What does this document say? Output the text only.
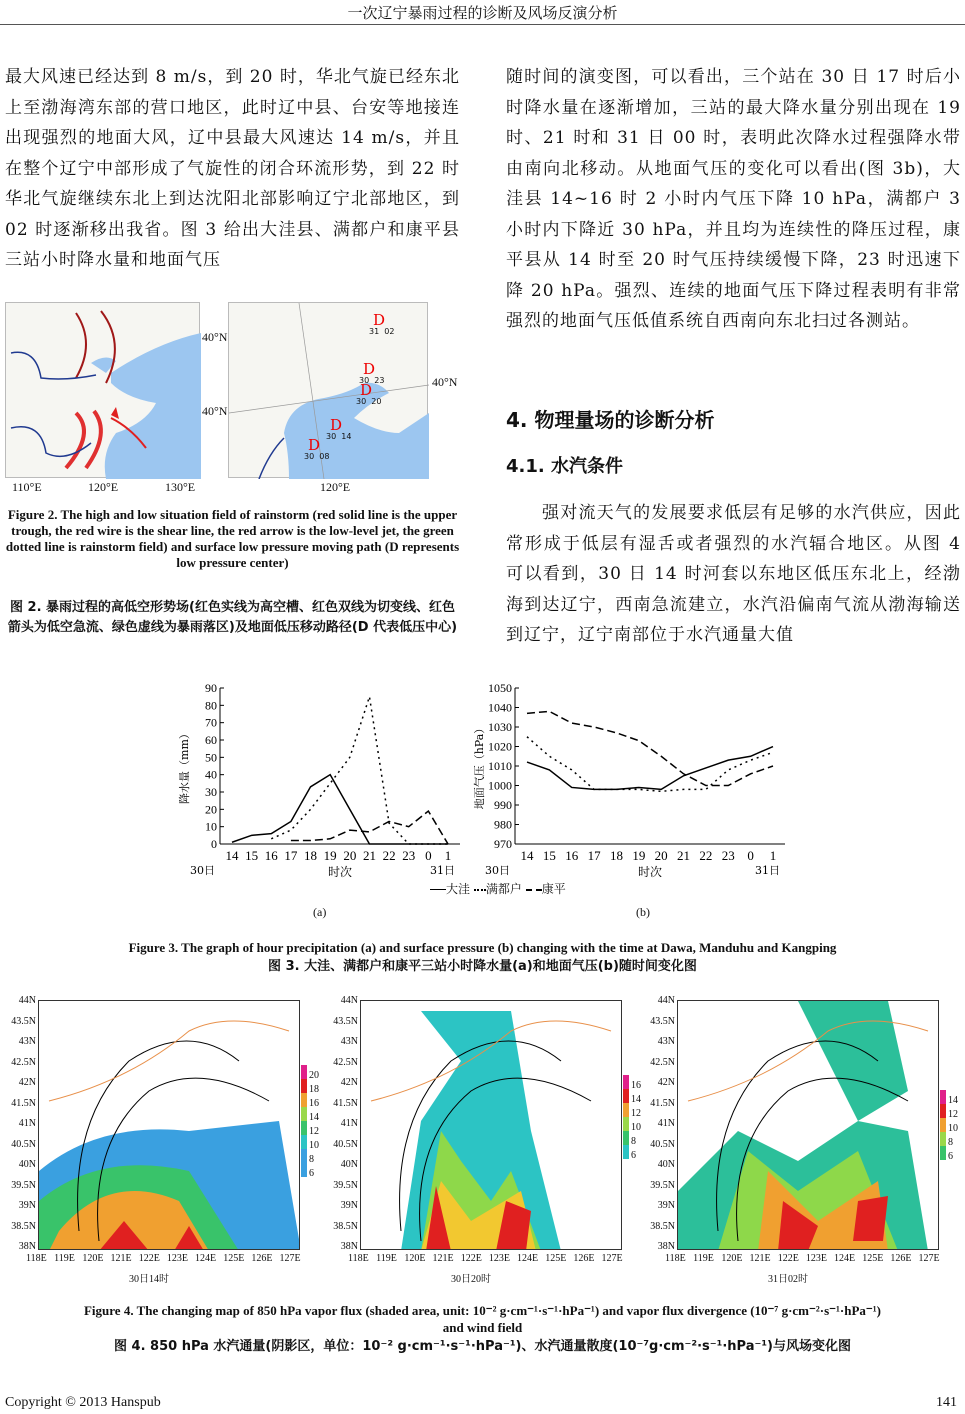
一次辽宁暴雨过程的诊断及风场反演分析
最大风速已经达到 8 m/s，到 20 时，华北气旋已经东北上至渤海湾东部的营口地区，此时辽中县、台安等地接连出现强烈的地面大风，辽中县最大风速达 14 m/s，并且在整个辽宁中部形成了气旋性的闭合环流形势，到 22 时华北气旋继续东北上到达沈阳北部影响辽宁北部地区，到 02 时逐渐移出我省。图 3 给出大洼县、满都户和康平县三站小时降水量和地面气压
随时间的演变图，可以看出，三个站在 30 日 17 时后小时降水量在逐渐增加，三站的最大降水量分别出现在 19 时、21 时和 31 日 00 时，表明此次降水过程强降水带由南向北移动。从地面气压的变化可以看出(图 3b)，大洼县 14~16 时 2 小时内气压下降 10 hPa，满都户 3 小时内下降近 30 hPa，并且均为连续性的降压过程，康平县从 14 时至 20 时气压持续缓慢下降，23 时迅速下降 20 hPa。强烈、连续的地面气压下降过程表明有非常强烈的地面气压低值系统自西南向东北扫过各测站。
4. 物理量场的诊断分析
4.1. 水汽条件
强对流天气的发展要求低层有足够的水汽供应，因此常形成于低层有湿舌或者强烈的水汽辐合地区。从图 4 可以看到，30 日 14 时河套以东地区低压东北上，经渤海到达辽宁，西南急流建立，水汽沿偏南气流从渤海输送到辽宁，辽宁南部位于水汽通量大值
40°N
40°N
110°E	120°E	130°E
D
31  02
D
30  23
D
30  20
D
30  14
D
30  08
40°N
120°E
Figure 2. The high and low situation field of rainstorm (red solid line is the upper trough, the red wire is the shear line, the red arrow is the low-level jet, the green dotted line is rainstorm field) and surface low pressure moving path (D represents low pressure center)
图 2. 暴雨过程的高低空形势场(红色实线为高空槽、红色双线为切变线、红色箭头为低空急流、绿色虚线为暴雨落区)及地面低压移动路径(D 代表低压中心)
0
10
20
30
40
50
60
70
80
90
14 15 16 17 18 19 20 21 22 23 0 1
30日	31日
时次
降水量（mm）
970
980
990
1000
1010
1020
1030
1040
1050
14 15 16 17 18 19 20 21 22 23 0 1
30日	31日
时次
地面气压（hPa）
大洼 满都户 康平
(a)	(b)
Figure 3. The graph of hour precipitation (a) and surface pressure (b) changing with the time at Dawa, Manduhu and Kangping
图 3. 大洼、满都户和康平三站小时降水量(a)和地面气压(b)随时间变化图
44N
43.5N
43N
42.5N
42N
41.5N
41N
40.5N
40N
39.5N
39N
38.5N
38N
118E 119E 120E 121E 122E 123E 124E 125E 126E 127E
30日14时
20
18
16
14
12
10
8
6
44N
43.5N
43N
42.5N
42N
41.5N
41N
40.5N
40N
39.5N
39N
38.5N
38N
118E 119E 120E 121E 122E 123E 124E 125E 126E 127E
30日20时
16
14
12
10
8
6
44N
43.5N
43N
42.5N
42N
41.5N
41N
40.5N
40N
39.5N
39N
38.5N
38N
118E 119E 120E 121E 122E 123E 124E 125E 126E 127E
31日02时
14
12
10
8
6
Figure 4. The changing map of 850 hPa vapor flux (shaded area, unit: 10⁻² g·cm⁻¹·s⁻¹·hPa⁻¹) and vapor flux divergence (10⁻⁷ g·cm⁻²·s⁻¹·hPa⁻¹)
and wind field
图 4. 850 hPa 水汽通量(阴影区，单位：10⁻² g·cm⁻¹·s⁻¹·hPa⁻¹)、水汽通量散度(10⁻⁷g·cm⁻²·s⁻¹·hPa⁻¹)与风场变化图
Copyright © 2013 Hanspub	141
